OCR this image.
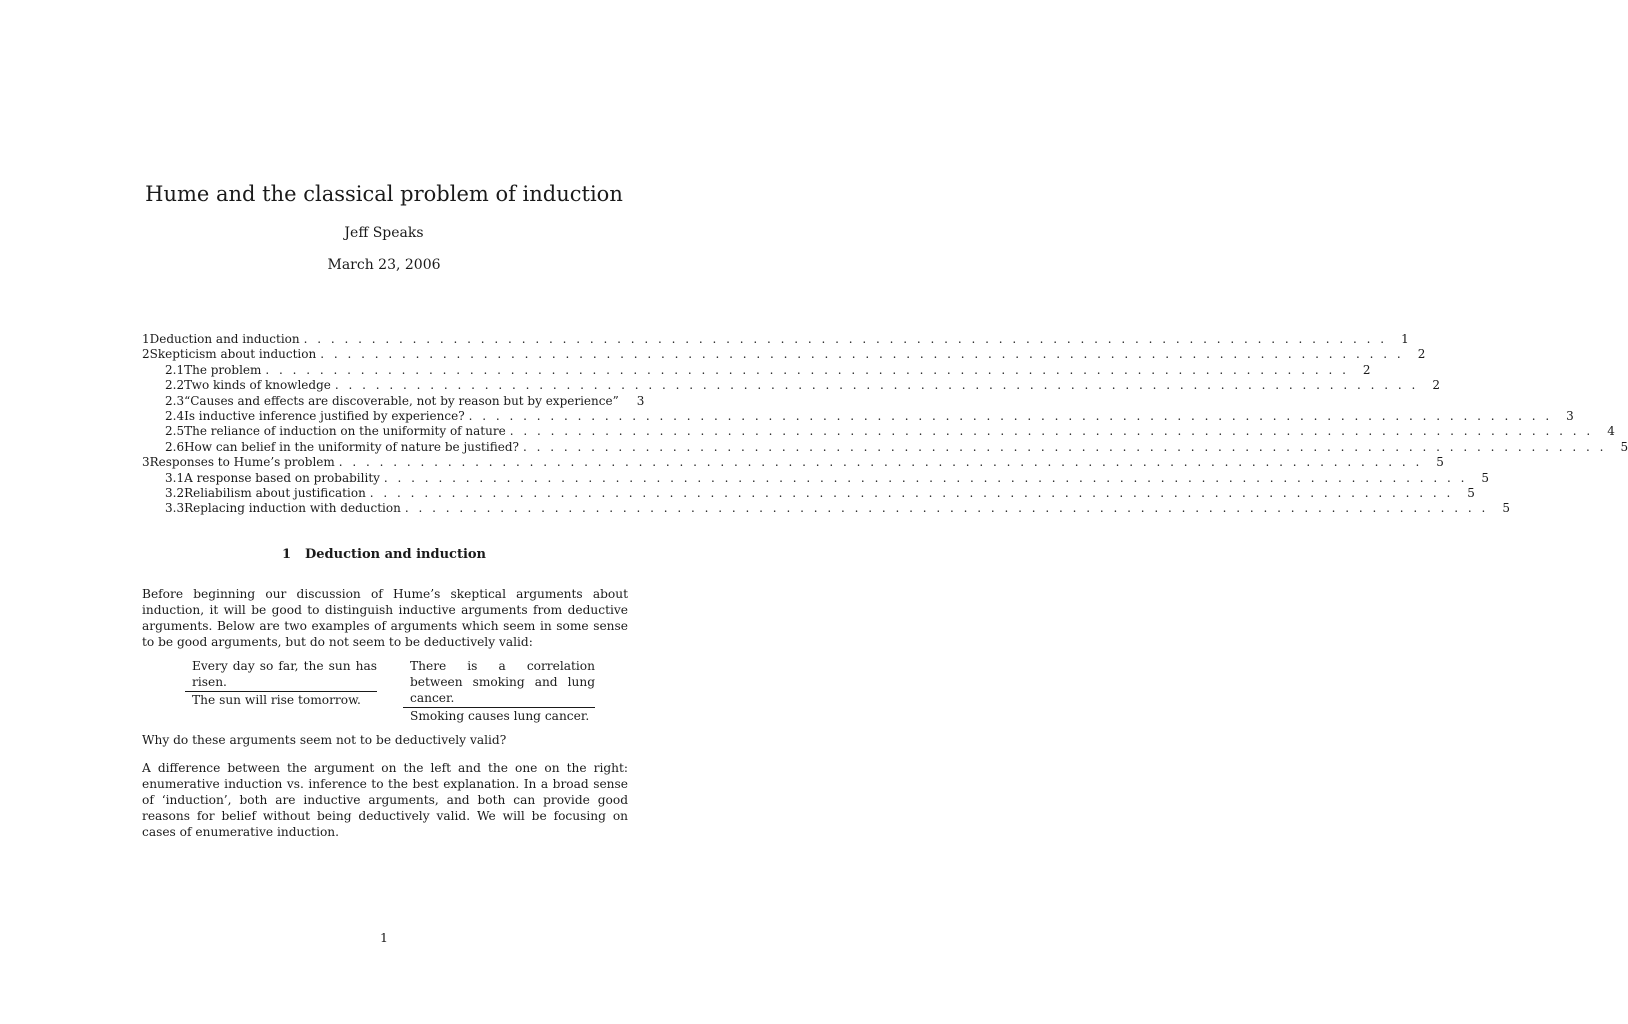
Hume and the classical problem of induction
Jeff Speaks
March 23, 2006
1 Deduction and induction . . . . . . . . . . . . . . . . . . . . . . . . . . . . . . . . . . . . . . . . . . . . . . . . . . . . . . . . . . . . . . . . . . . . . . . . . . . . . . . . 1
2 Skepticism about induction . . . . . . . . . . . . . . . . . . . . . . . . . . . . . . . . . . . . . . . . . . . . . . . . . . . . . . . . . . . . . . . . . . . . . . . . . . . . . . . . 2
2.1 The problem . . . . . . . . . . . . . . . . . . . . . . . . . . . . . . . . . . . . . . . . . . . . . . . . . . . . . . . . . . . . . . . . . . . . . . . . . . . . . . . . 2
2.2 Two kinds of knowledge . . . . . . . . . . . . . . . . . . . . . . . . . . . . . . . . . . . . . . . . . . . . . . . . . . . . . . . . . . . . . . . . . . . . . . . . . . . . . . . . 2
2.3 “Causes and effects are discoverable, not by reason but by experience”	3
2.4 Is inductive inference justified by experience? . . . . . . . . . . . . . . . . . . . . . . . . . . . . . . . . . . . . . . . . . . . . . . . . . . . . . . . . . . . . . . . . . . . . . . . . . . . . . . . . 3
2.5 The reliance of induction on the uniformity of nature . . . . . . . . . . . . . . . . . . . . . . . . . . . . . . . . . . . . . . . . . . . . . . . . . . . . . . . . . . . . . . . . . . . . . . . . . . . . . . . . 4
2.6 How can belief in the uniformity of nature be justified? . . . . . . . . . . . . . . . . . . . . . . . . . . . . . . . . . . . . . . . . . . . . . . . . . . . . . . . . . . . . . . . . . . . . . . . . . . . . . . . . 5
3 Responses to Hume’s problem . . . . . . . . . . . . . . . . . . . . . . . . . . . . . . . . . . . . . . . . . . . . . . . . . . . . . . . . . . . . . . . . . . . . . . . . . . . . . . . . 5
3.1 A response based on probability . . . . . . . . . . . . . . . . . . . . . . . . . . . . . . . . . . . . . . . . . . . . . . . . . . . . . . . . . . . . . . . . . . . . . . . . . . . . . . . . 5
3.2 Reliabilism about justification . . . . . . . . . . . . . . . . . . . . . . . . . . . . . . . . . . . . . . . . . . . . . . . . . . . . . . . . . . . . . . . . . . . . . . . . . . . . . . . . 5
3.3 Replacing induction with deduction . . . . . . . . . . . . . . . . . . . . . . . . . . . . . . . . . . . . . . . . . . . . . . . . . . . . . . . . . . . . . . . . . . . . . . . . . . . . . . . . 5
1 Deduction and induction
Before beginning our discussion of Hume’s skeptical arguments about induction, it will be good to distinguish inductive arguments from deductive arguments. Below are two examples of arguments which seem in some sense to be good arguments, but do not seem to be deductively valid:
Every day so far, the sun has risen.
The sun will rise tomorrow.
There is a correlation between smoking and lung cancer.
Smoking causes lung cancer.
Why do these arguments seem not to be deductively valid?
A difference between the argument on the left and the one on the right: enumerative induction vs. inference to the best explanation. In a broad sense of ‘induction’, both are inductive arguments, and both can provide good reasons for belief without being deductively valid. We will be focusing on cases of enumerative induction.
1
